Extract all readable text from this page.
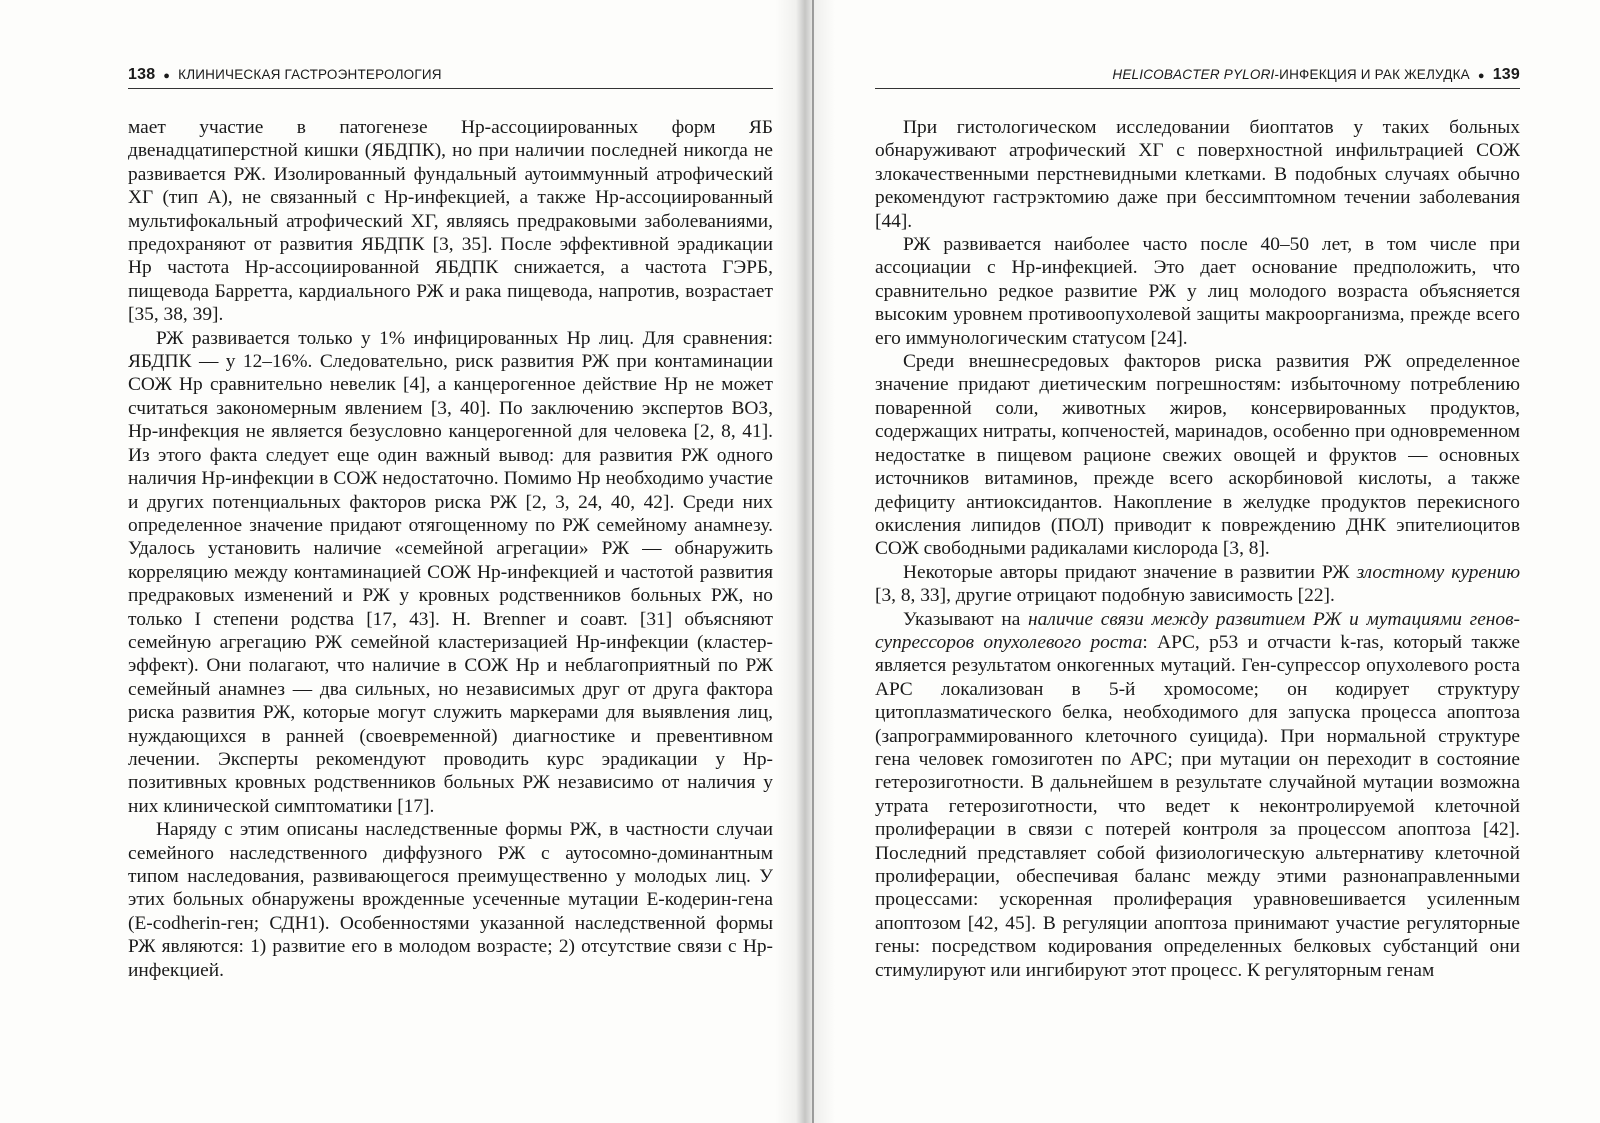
138 ● КЛИНИЧЕСКАЯ ГАСТРОЭНТЕРОЛОГИЯ

мает участие в патогенезе Нр-ассоциированных форм ЯБ двенадцатиперстной кишки (ЯБДПК), но при наличии последней никогда не развивается РЖ. Изолированный фундальный аутоиммунный атрофический ХГ (тип А), не связанный с Нр-инфекцией, а также Нр-ассоциированный мультифокальный атрофический ХГ, являясь предраковыми заболеваниями, предохраняют от развития ЯБДПК [3, 35]. После эффективной эрадикации Нр частота Нр-ассоциированной ЯБДПК снижается, а частота ГЭРБ, пищевода Барретта, кардиального РЖ и рака пищевода, напротив, возрастает [35, 38, 39].

РЖ развивается только у 1% инфицированных Нр лиц. Для сравнения: ЯБДПК — у 12–16%. Следовательно, риск развития РЖ при контаминации СОЖ Нр сравнительно невелик [4], а канцерогенное действие Нр не может считаться закономерным явлением [3, 40]. По заключению экспертов ВОЗ, Нр-инфекция не является безусловно канцерогенной для человека [2, 8, 41]. Из этого факта следует еще один важный вывод: для развития РЖ одного наличия Нр-инфекции в СОЖ недостаточно. Помимо Нр необходимо участие и других потенциальных факторов риска РЖ [2, 3, 24, 40, 42]. Среди них определенное значение придают отягощенному по РЖ семейному анамнезу. Удалось установить наличие «семейной агрегации» РЖ — обнаружить корреляцию между контаминацией СОЖ Нр-инфекцией и частотой развития предраковых изменений и РЖ у кровных родственников больных РЖ, но только I степени родства [17, 43]. H. Brenner и соавт. [31] объясняют семейную агрегацию РЖ семейной кластеризацией Нр-инфекции (кластер-эффект). Они полагают, что наличие в СОЖ Нр и неблагоприятный по РЖ семейный анамнез — два сильных, но независимых друг от друга фактора риска развития РЖ, которые могут служить маркерами для выявления лиц, нуждающихся в ранней (своевременной) диагностике и превентивном лечении. Эксперты рекомендуют проводить курс эрадикации у Нр-позитивных кровных родственников больных РЖ независимо от наличия у них клинической симптоматики [17].

Наряду с этим описаны наследственные формы РЖ, в частности случаи семейного наследственного диффузного РЖ с аутосомно-доминантным типом наследования, развивающегося преимущественно у молодых лиц. У этих больных обнаружены врожденные усеченные мутации Е-кодерин-гена (E-codherin-ген; СДН1). Особенностями указанной наследственной формы РЖ являются: 1) развитие его в молодом возрасте; 2) отсутствие связи с Нр-инфекцией.

HELICOBACTER PYLORI -ИНФЕКЦИЯ И РАК ЖЕЛУДКА ● 139

При гистологическом исследовании биоптатов у таких больных обнаруживают атрофический ХГ с поверхностной инфильтрацией СОЖ злокачественными перстневидными клетками. В подобных случаях обычно рекомендуют гастрэктомию даже при бессимптомном течении заболевания [44].

РЖ развивается наиболее часто после 40–50 лет, в том числе при ассоциации с Нр-инфекцией. Это дает основание предположить, что сравнительно редкое развитие РЖ у лиц молодого возраста объясняется высоким уровнем противоопухолевой защиты макроорганизма, прежде всего его иммунологическим статусом [24].

Среди внешнесредовых факторов риска развития РЖ определенное значение придают диетическим погрешностям: избыточному потреблению поваренной соли, животных жиров, консервированных продуктов, содержащих нитраты, копченостей, маринадов, особенно при одновременном недостатке в пищевом рационе свежих овощей и фруктов — основных источников витаминов, прежде всего аскорбиновой кислоты, а также дефициту антиоксидантов. Накопление в желудке продуктов перекисного окисления липидов (ПОЛ) приводит к повреждению ДНК эпителиоцитов СОЖ свободными радикалами кислорода [3, 8].

Некоторые авторы придают значение в развитии РЖ злостному курению [3, 8, 33], другие отрицают подобную зависимость [22].

Указывают на наличие связи между развитием РЖ и мутациями генов-супрессоров опухолевого роста: APC, p53 и отчасти k-ras, который также является результатом онкогенных мутаций. Ген-супрессор опухолевого роста APC локализован в 5-й хромосоме; он кодирует структуру цитоплазматического белка, необходимого для запуска процесса апоптоза (запрограммированного клеточного суицида). При нормальной структуре гена человек гомозиготен по APC; при мутации он переходит в состояние гетерозиготности. В дальнейшем в результате случайной мутации возможна утрата гетерозиготности, что ведет к неконтролируемой клеточной пролиферации в связи с потерей контроля за процессом апоптоза [42]. Последний представляет собой физиологическую альтернативу клеточной пролиферации, обеспечивая баланс между этими разнонаправленными процессами: ускоренная пролиферация уравновешивается усиленным апоптозом [42, 45]. В регуляции апоптоза принимают участие регуляторные гены: посредством кодирования определенных белковых субстанций они стимулируют или ингибируют этот процесс. К регуляторным генам
